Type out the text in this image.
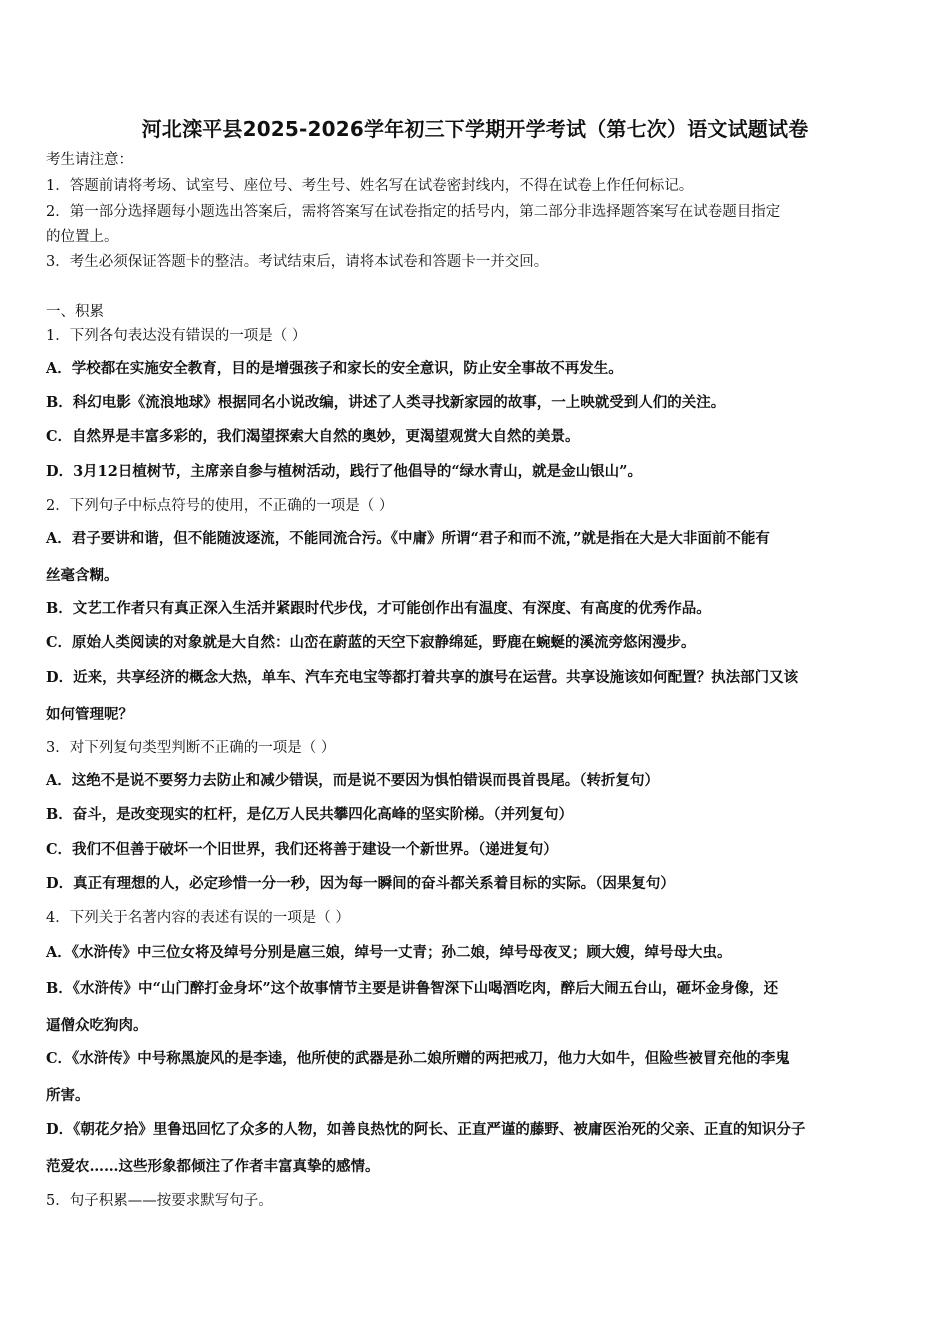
河北滦平县2025-2026学年初三下学期开学考试（第七次）语文试题试卷
考生请注意：
1．答题前请将考场、试室号、座位号、考生号、姓名写在试卷密封线内，不得在试卷上作任何标记。
2．第一部分选择题每小题选出答案后，需将答案写在试卷指定的括号内，第二部分非选择题答案写在试卷题目指定
的位置上。
3．考生必须保证答题卡的整洁。考试结束后，请将本试卷和答题卡一并交回。
一、积累
1．下列各句表达没有错误的一项是（ ）
A．学校都在实施安全教育，目的是增强孩子和家长的安全意识，防止安全事故不再发生。
B．科幻电影《流浪地球》根据同名小说改编，讲述了人类寻找新家园的故事，一上映就受到人们的关注。
C．自然界是丰富多彩的，我们渴望探索大自然的奥妙，更渴望观赏大自然的美景。
D．3月12日植树节，主席亲自参与植树活动，践行了他倡导的“绿水青山，就是金山银山”。
2．下列句子中标点符号的使用，不正确的一项是（ ）
A．君子要讲和谐，但不能随波逐流，不能同流合污。《中庸》所谓“君子和而不流，”就是指在大是大非面前不能有
丝毫含糊。
B．文艺工作者只有真正深入生活并紧跟时代步伐，才可能创作出有温度、有深度、有高度的优秀作品。
C．原始人类阅读的对象就是大自然：山峦在蔚蓝的天空下寂静绵延，野鹿在蜿蜒的溪流旁悠闲漫步。
D．近来，共享经济的概念大热，单车、汽车充电宝等都打着共享的旗号在运营。共享设施该如何配置？执法部门又该
如何管理呢？
3．对下列复句类型判断不正确的一项是（ ）
A．这绝不是说不要努力去防止和减少错误，而是说不要因为惧怕错误而畏首畏尾。（转折复句）
B．奋斗，是改变现实的杠杆，是亿万人民共攀四化高峰的坚实阶梯。（并列复句）
C．我们不但善于破坏一个旧世界，我们还将善于建设一个新世界。（递进复句）
D．真正有理想的人，必定珍惜一分一秒，因为每一瞬间的奋斗都关系着目标的实际。（因果复句）
4．下列关于名著内容的表述有误的一项是（ ）
A．《水浒传》中三位女将及绰号分别是扈三娘，绰号一丈青；孙二娘，绰号母夜叉；顾大嫂，绰号母大虫。
B．《水浒传》中“山门醉打金身坏”这个故事情节主要是讲鲁智深下山喝酒吃肉，醉后大闹五台山，砸坏金身像，还
逼僧众吃狗肉。
C．《水浒传》中号称黑旋风的是李逵，他所使的武器是孙二娘所赠的两把戒刀，他力大如牛，但险些被冒充他的李鬼
所害。
D．《朝花夕拾》里鲁迅回忆了众多的人物，如善良热忱的阿长、正直严谨的藤野、被庸医治死的父亲、正直的知识分子
范爱农……这些形象都倾注了作者丰富真挚的感情。
5．句子积累——按要求默写句子。
